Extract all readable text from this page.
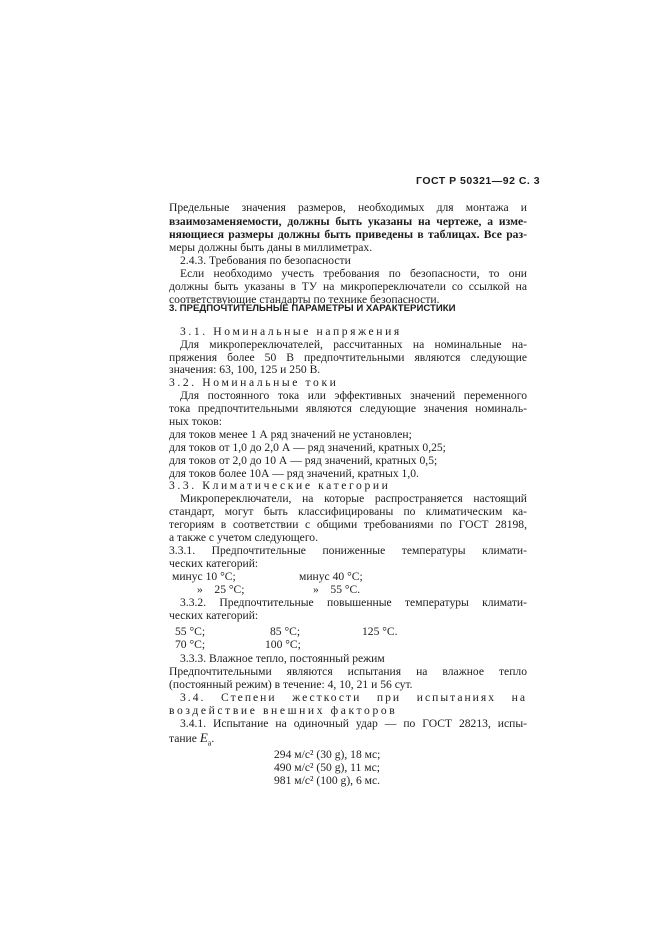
ГОСТ Р 50321—92 С. 3
Предельные значения размеров, необходимых для монтажа и
взаимозаменяемости, должны быть указаны на чертеже, а изме-
няющиеся размеры должны быть приведены в таблицах. Все раз-
меры должны быть даны в миллиметрах.
2.4.3. Требования по безопасности
Если необходимо учесть требования по безопасности, то они
должны быть указаны в ТУ на микропереключатели со ссылкой на
соответствующие стандарты по технике безопасности.
3. ПРЕДПОЧТИТЕЛЬНЫЕ ПАРАМЕТРЫ И ХАРАКТЕРИСТИКИ
3.1. Номинальные напряжения
Для микропереключателей, рассчитанных на номинальные на-
пряжения более 50 В предпочтительными являются следующие
значения: 63, 100, 125 и 250 В.
3.2. Номинальные токи
Для постоянного тока или эффективных значений переменного
тока предпочтительными являются следующие значения номиналь-
ных токов:
для токов менее 1 А ряд значений не установлен;
для токов от 1,0 до 2,0 А — ряд значений, кратных 0,25;
для токов от 2,0 до 10 А — ряд значений, кратных 0,5;
для токов более 10А — ряд значений, кратных 1,0.
3.3. Климатические категории
Микропереключатели, на которые распространяется настоящий
стандарт, могут быть классифицированы по климатическим ка-
тегориям в соответствии с общими требованиями по ГОСТ 28198,
а также с учетом следующего.
3.3.1. Предпочтительные пониженные температуры климати-
ческих категорий:
минус 10 °С;	минус 40 °С;
»    25 °С;	»    55 °С.
3.3.2. Предпочтительные повышенные температуры климати-
ческих категорий:
55 °С;	85 °С;	125 °С.
70 °С;	100 °С;
3.3.3. Влажное тепло, постоянный режим
Предпочтительными являются испытания на влажное тепло
(постоянный режим) в течение: 4, 10, 21 и 56 сут.
3.4. Степени жесткости при испытаниях на
воздействие внешних факторов
3.4.1. Испытание на одиночный удар — по ГОСТ 28213, испы-
тание $E_a$.
294 м/с² (30 g), 18 мс;
490 м/с² (50 g), 11 мс;
981 м/с² (100 g), 6 мс.
